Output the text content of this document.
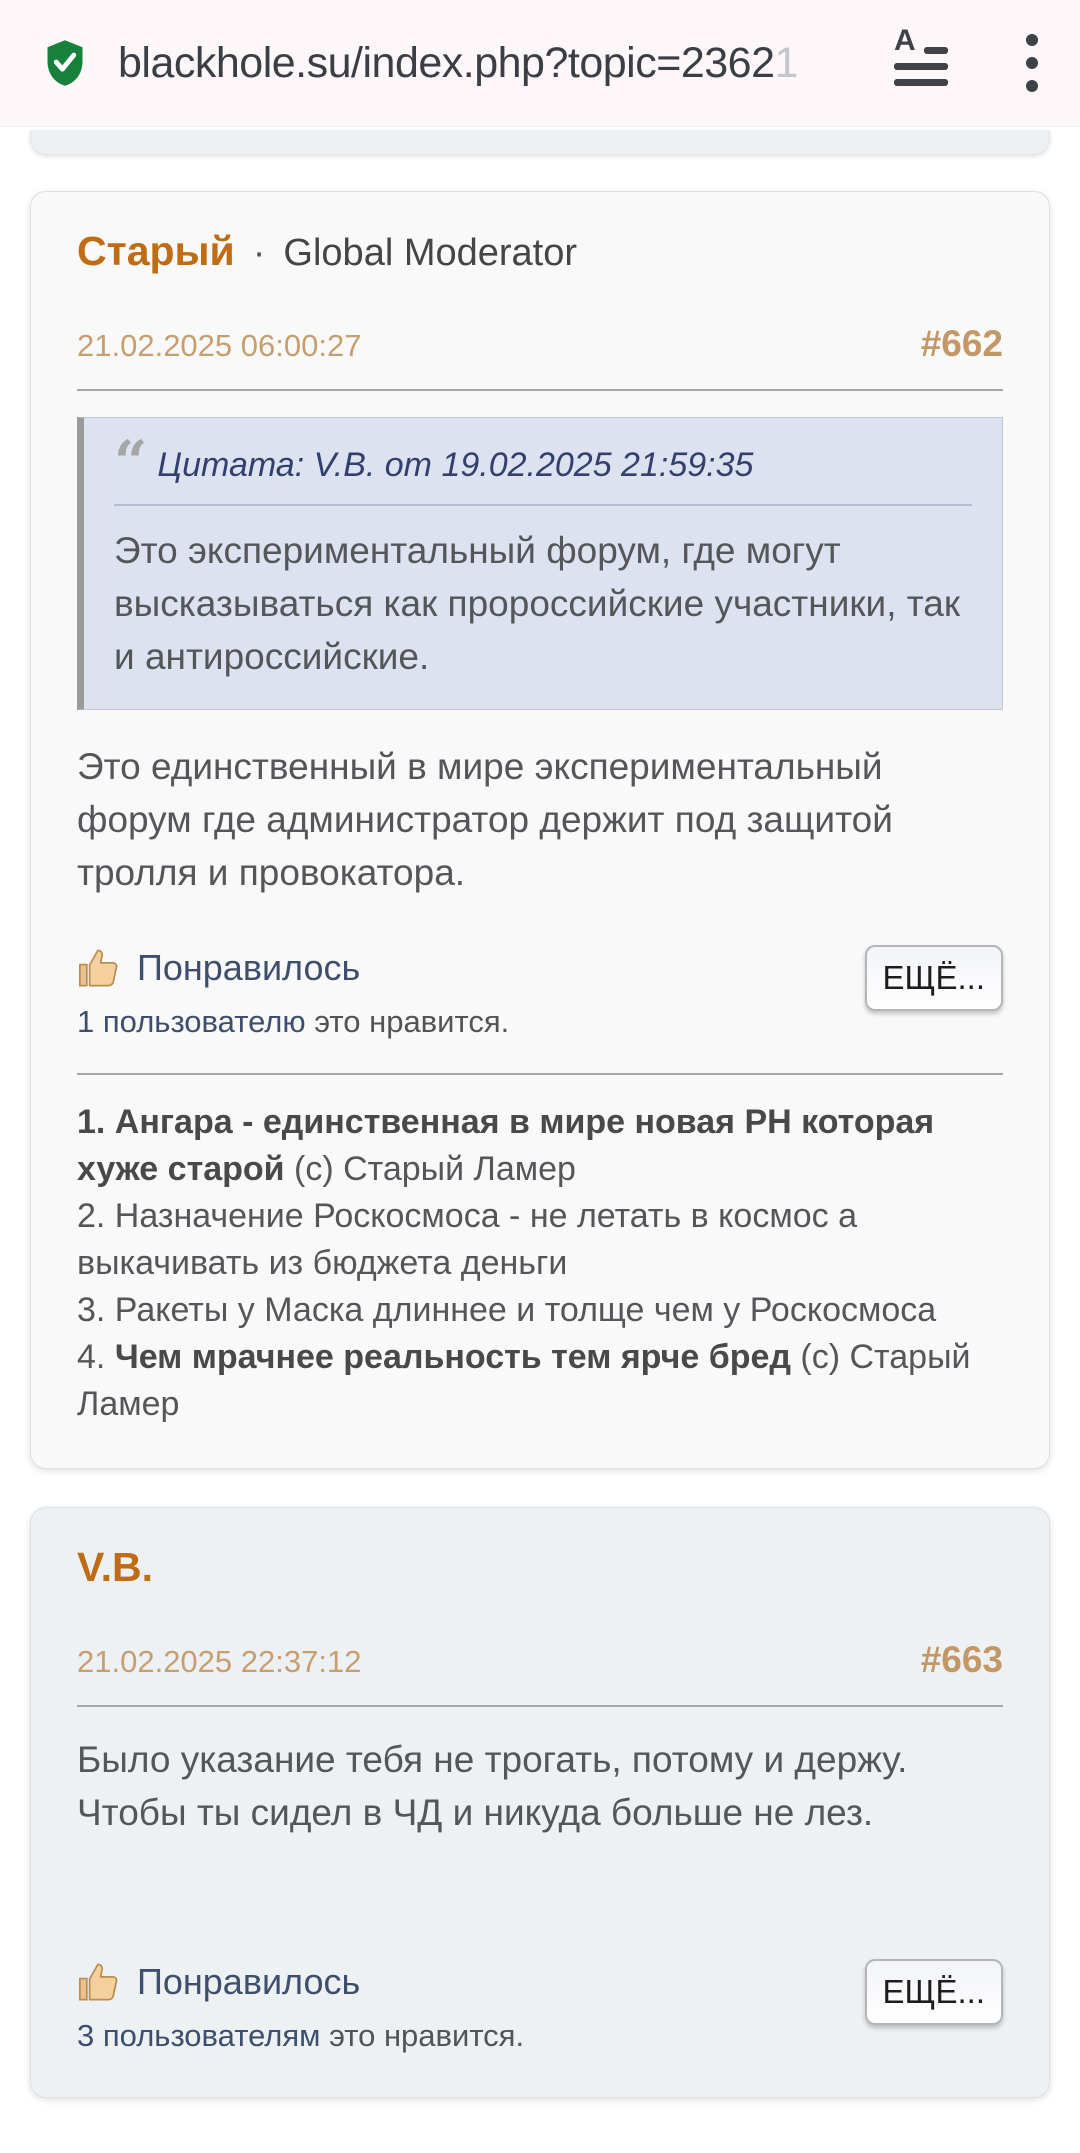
blackhole.su/index.php?topic=23621	A
Старый · Global Moderator
21.02.2025 06:00:27	#662
“ Цитата: V.B. от 19.02.2025 21:59:35
Это экспериментальный форум, где могут высказываться как пророссийские участники, так и антироссийские.
Это единственный в мире экспериментальный форум где администратор держит под защитой тролля и провокатора.
Понравилось
1 пользователю это нравится.
ЕЩЁ...
1. Ангара - единственная в мире новая РН которая хуже старой (с) Старый Ламер
2. Назначение Роскосмоса - не летать в космос а выкачивать из бюджета деньги
3. Ракеты у Маска длиннее и толще чем у Роскосмоса
4. Чем мрачнее реальность тем ярче бред (с) Старый Ламер
V.B.
21.02.2025 22:37:12	#663
Было указание тебя не трогать, потому и держу. Чтобы ты сидел в ЧД и никуда больше не лез.
Понравилось
3 пользователям это нравится.
ЕЩЁ...
